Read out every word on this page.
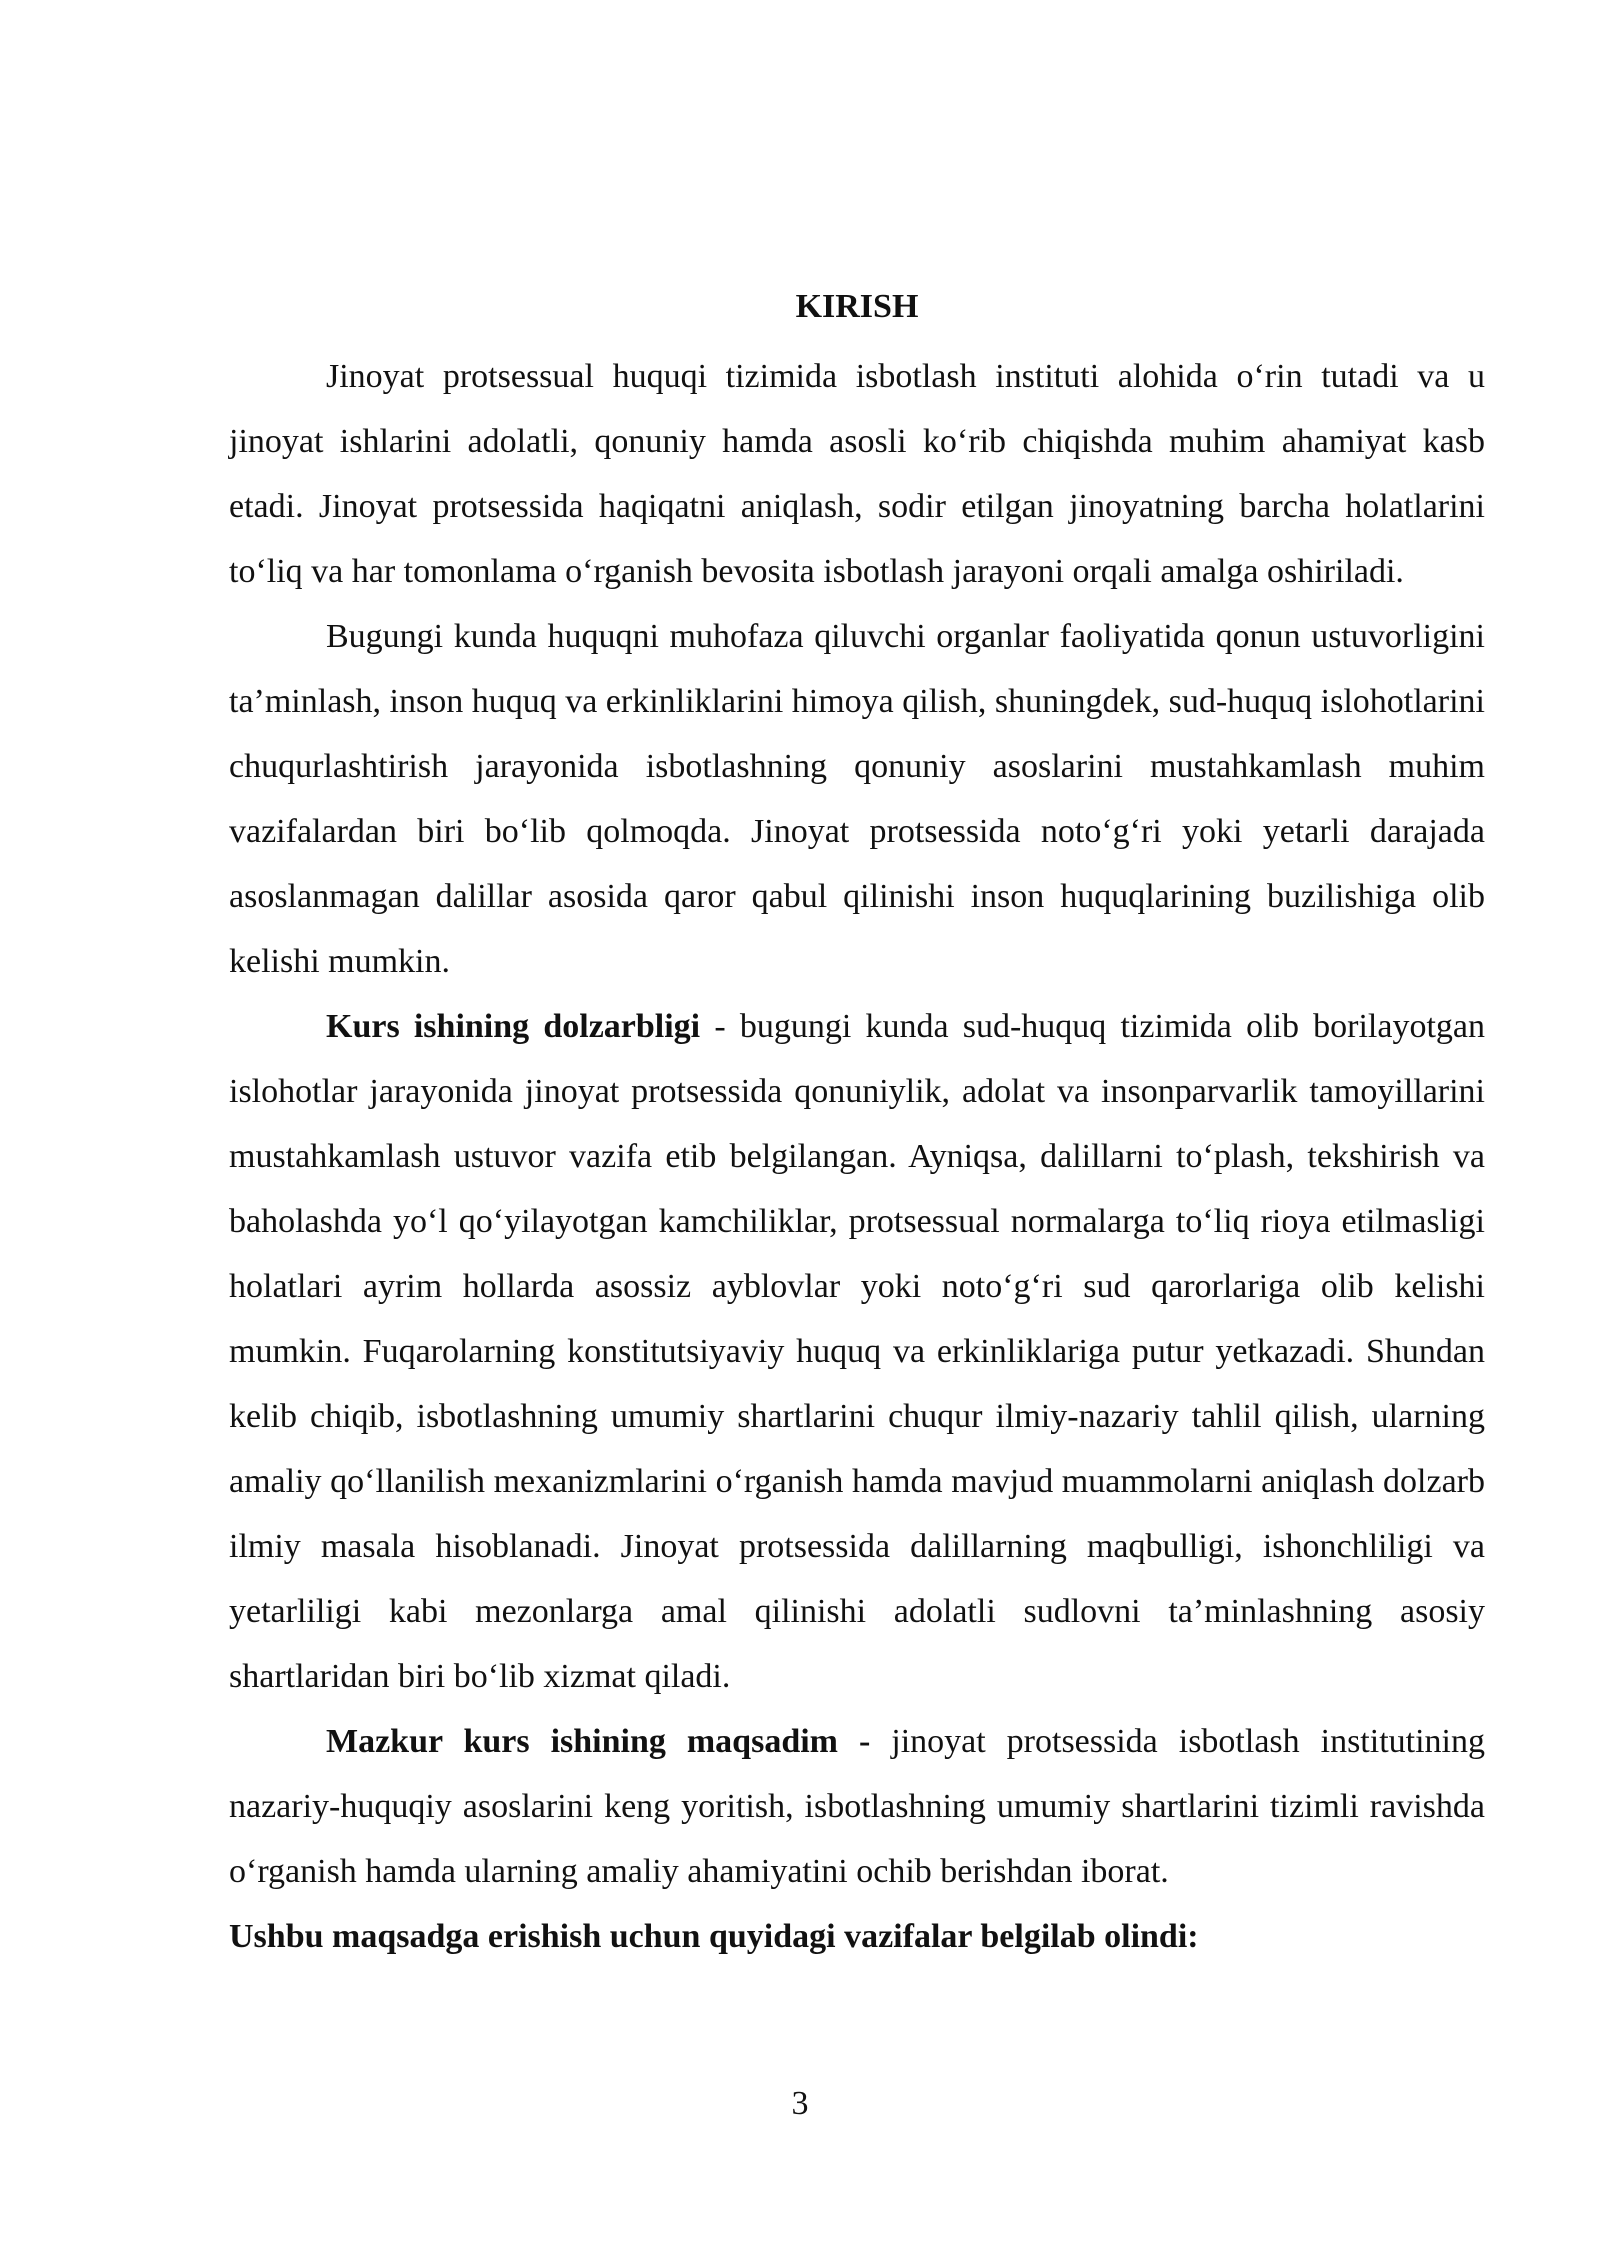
KIRISH

Jinoyat protsessual huquqi tizimida isbotlash instituti alohida o‘rin tutadi va u jinoyat ishlarini adolatli, qonuniy hamda asosli ko‘rib chiqishda muhim ahamiyat kasb etadi. Jinoyat protsessida haqiqatni aniqlash, sodir etilgan jinoyatning barcha holatlarini to‘liq va har tomonlama o‘rganish bevosita isbotlash jarayoni orqali amalga oshiriladi.

Bugungi kunda huquqni muhofaza qiluvchi organlar faoliyatida qonun ustuvorligini ta’minlash, inson huquq va erkinliklarini himoya qilish, shuningdek, sud-huquq islohotlarini chuqurlashtirish jarayonida isbotlashning qonuniy asoslarini mustahkamlash muhim vazifalardan biri bo‘lib qolmoqda. Jinoyat protsessida noto‘g‘ri yoki yetarli darajada asoslanmagan dalillar asosida qaror qabul qilinishi inson huquqlarining buzilishiga olib kelishi mumkin.

Kurs ishining dolzarbligi - bugungi kunda sud-huquq tizimida olib borilayotgan islohotlar jarayonida jinoyat protsessida qonuniylik, adolat va insonparvarlik tamoyillarini mustahkamlash ustuvor vazifa etib belgilangan. Ayniqsa, dalillarni to‘plash, tekshirish va baholashda yo‘l qo‘yilayotgan kamchiliklar, protsessual normalarga to‘liq rioya etilmasligi holatlari ayrim hollarda asossiz ayblovlar yoki noto‘g‘ri sud qarorlariga olib kelishi mumkin. Fuqarolarning konstitutsiyaviy huquq va erkinliklariga putur yetkazadi. Shundan kelib chiqib, isbotlashning umumiy shartlarini chuqur ilmiy-nazariy tahlil qilish, ularning amaliy qo‘llanilish mexanizmlarini o‘rganish hamda mavjud muammolarni aniqlash dolzarb ilmiy masala hisoblanadi. Jinoyat protsessida dalillarning maqbulligi, ishonchliligi va yetarliligi kabi mezonlarga amal qilinishi adolatli sudlovni ta’minlashning asosiy shartlaridan biri bo‘lib xizmat qiladi.

Mazkur kurs ishining maqsadim - jinoyat protsessida isbotlash institutining nazariy-huquqiy asoslarini keng yoritish, isbotlashning umumiy shartlarini tizimli ravishda o‘rganish hamda ularning amaliy ahamiyatini ochib berishdan iborat.

Ushbu maqsadga erishish uchun quyidagi vazifalar belgilab olindi:

3
